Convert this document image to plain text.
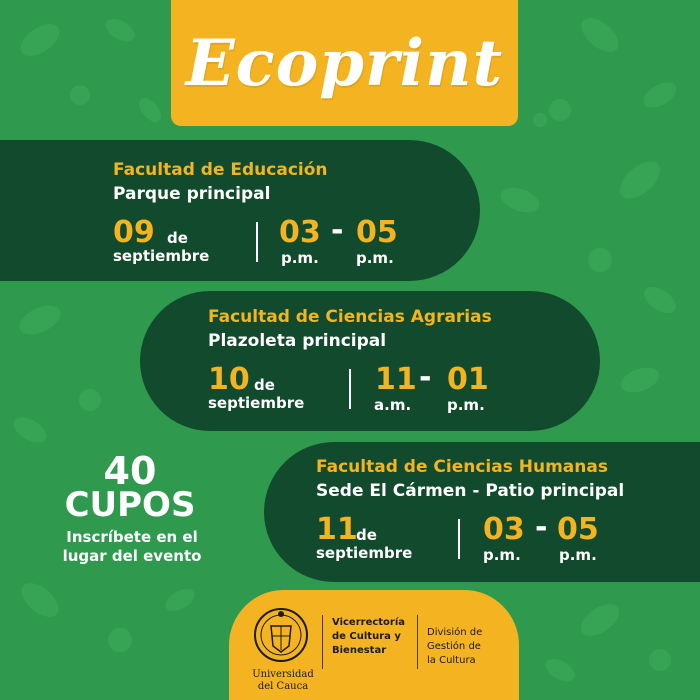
Ecoprint
Facultad de Educación
Parque principal
09 de
septiembre
03 - 05
p.m. p.m.
Facultad de Ciencias Agrarias
Plazoleta principal
10 de
septiembre
11 - 01
a.m. p.m.
40
CUPOS
Inscríbete en el
lugar del evento
Facultad de Ciencias Humanas
Sede El Cármen - Patio principal
11
de
septiembre
03 - 05
p.m.	p.m.
Universidad
del Cauca
Vicerrectoría
de Cultura y
Bienestar
División de
Gestión de
la Cultura
